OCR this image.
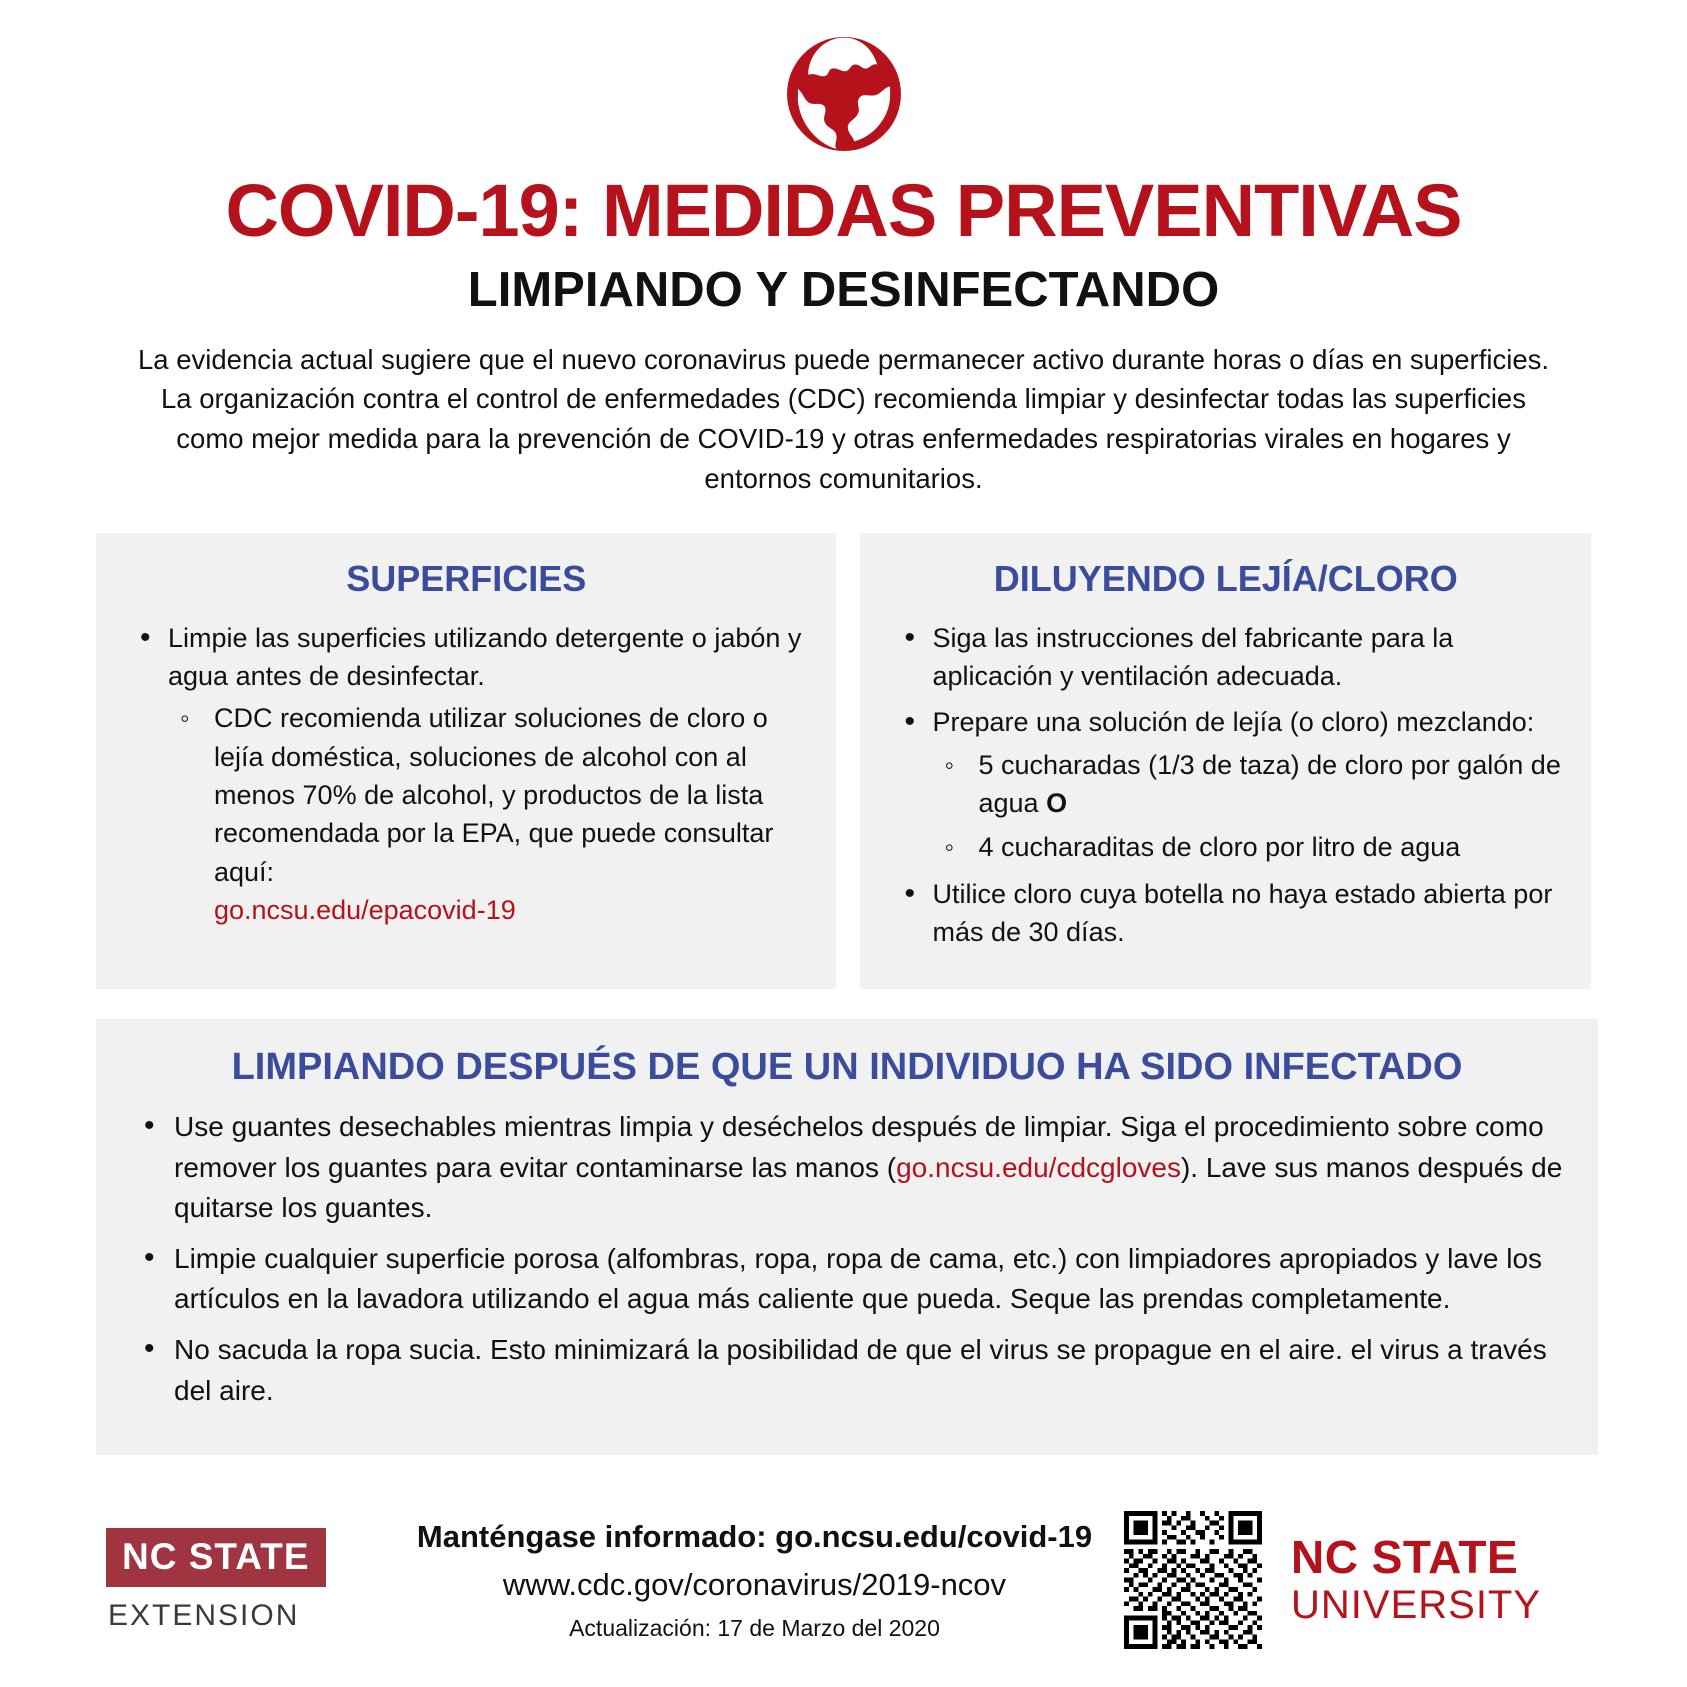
COVID-19: MEDIDAS PREVENTIVAS
LIMPIANDO Y DESINFECTANDO

La evidencia actual sugiere que el nuevo coronavirus puede permanecer activo durante horas o días en superficies. La organización contra el control de enfermedades (CDC) recomienda limpiar y desinfectar todas las superficies como mejor medida para la prevención de COVID-19 y otras enfermedades respiratorias virales en hogares y entornos comunitarios.

SUPERFICIES
• Limpie las superficies utilizando detergente o jabón y agua antes de desinfectar.
◦ CDC recomienda utilizar soluciones de cloro o lejía doméstica, soluciones de alcohol con al menos 70% de alcohol, y productos de la lista recomendada por la EPA, que puede consultar aquí:
go.ncsu.edu/epacovid-19
DILUYENDO LEJÍA/CLORO
• Siga las instrucciones del fabricante para la aplicación y ventilación adecuada.
• Prepare una solución de lejía (o cloro) mezclando:
◦ 5 cucharadas (1/3 de taza) de cloro por galón de agua O
◦ 4 cucharaditas de cloro por litro de agua
• Utilice cloro cuya botella no haya estado abierta por más de 30 días.
LIMPIANDO DESPUÉS DE QUE UN INDIVIDUO HA SIDO INFECTADO
• Use guantes desechables mientras limpia y deséchelos después de limpiar. Siga el procedimiento sobre como remover los guantes para evitar contaminarse las manos (go.ncsu.edu/cdcgloves). Lave sus manos después de quitarse los guantes.
• Limpie cualquier superficie porosa (alfombras, ropa, ropa de cama, etc.) con limpiadores apropiados y lave los artículos en la lavadora utilizando el agua más caliente que pueda. Seque las prendas completamente.
• No sacuda la ropa sucia. Esto minimizará la posibilidad de que el virus se propague en el aire. el virus a través del aire.
NC STATE
EXTENSION
Manténgase informado: go.ncsu.edu/covid-19
www.cdc.gov/coronavirus/2019-ncov
Actualización: 17 de Marzo del 2020
NC STATE
UNIVERSITY
